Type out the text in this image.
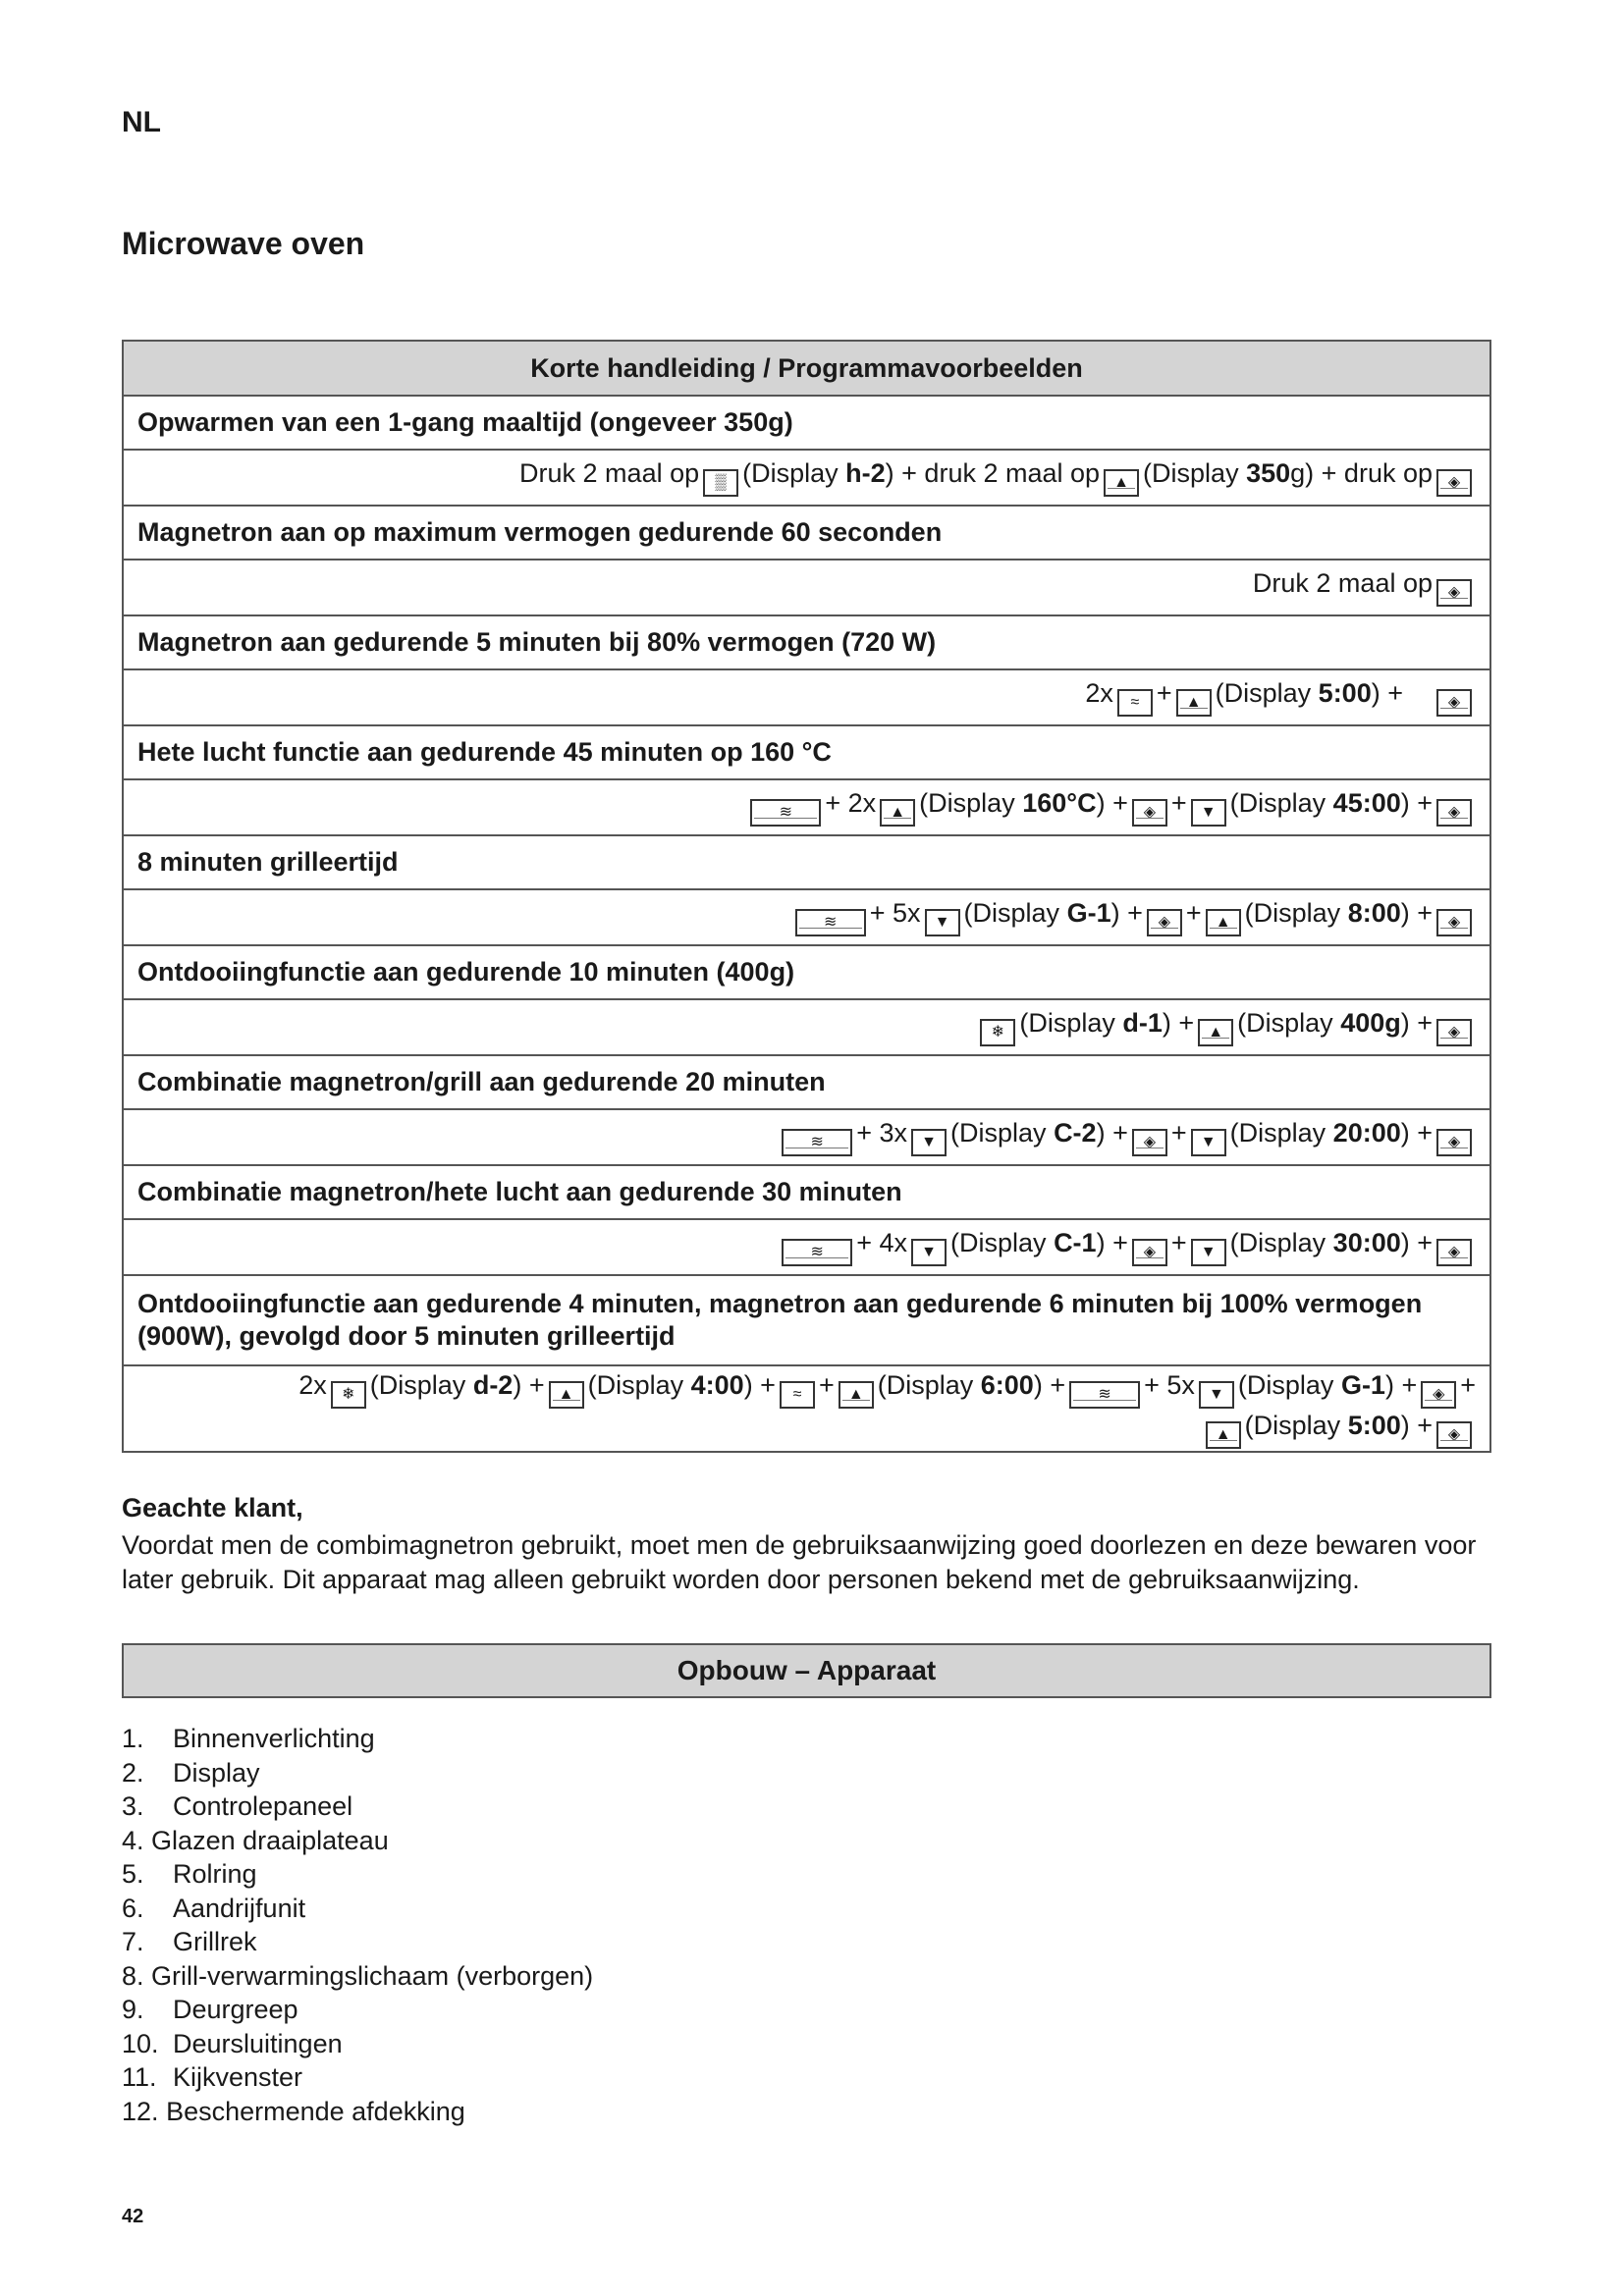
NL
Microwave oven
Korte handleiding / Programmavoorbeelden
Opwarmen van een 1-gang maaltijd (ongeveer 350g)
Druk 2 maal op ▒ (Display h-2) + druk 2 maal op ▲ (Display 350g) + druk op ◈

Magnetron aan op maximum vermogen gedurende 60 seconden
Druk 2 maal op ◈

Magnetron aan gedurende 5 minuten bij 80% vermogen (720 W)
2x ≈ + ▲ (Display 5:00) +	◈

Hete lucht functie aan gedurende 45 minuten op 160 °C
≋ + 2x ▲ (Display 160°C) + ◈ + ▼ (Display 45:00) + ◈

8 minuten grilleertijd
≋ + 5x ▼ (Display G-1) + ◈ + ▲ (Display 8:00) + ◈

Ontdooiingfunctie aan gedurende 10 minuten (400g)
❄ (Display d-1) + ▲ (Display 400g) + ◈

Combinatie magnetron/grill aan gedurende 20 minuten
≋ + 3x ▼ (Display C-2) + ◈ + ▼ (Display 20:00) + ◈

Combinatie magnetron/hete lucht aan gedurende 30 minuten
≋ + 4x ▼ (Display C-1) + ◈ + ▼ (Display 30:00) + ◈

Ontdooiingfunctie aan gedurende 4 minuten, magnetron aan gedurende 6 minuten bij 100% vermogen (900W), gevolgd door 5 minuten grilleertijd

2x ❄ (Display d-2) + ▲ (Display 4:00) + ≈ + ▲ (Display 6:00) + ≋ + 5x ▼ (Display G-1) + ◈ +
▲ (Display 5:00) + ◈
Geachte klant,
Voordat men de combimagnetron gebruikt, moet men de gebruiksaanwijzing goed doorlezen en deze bewaren voor later gebruik. Dit apparaat mag alleen gebruikt worden door personen bekend met de gebruiksaanwijzing.
Opbouw – Apparaat
1. Binnenverlichting
2. Display
3. Controlepaneel
4. Glazen draaiplateau
5. Rolring
6. Aandrijfunit
7. Grillrek
8. Grill-verwarmingslichaam (verborgen)
9. Deurgreep
10. Deursluitingen
11. Kijkvenster
12. Beschermende afdekking
42
